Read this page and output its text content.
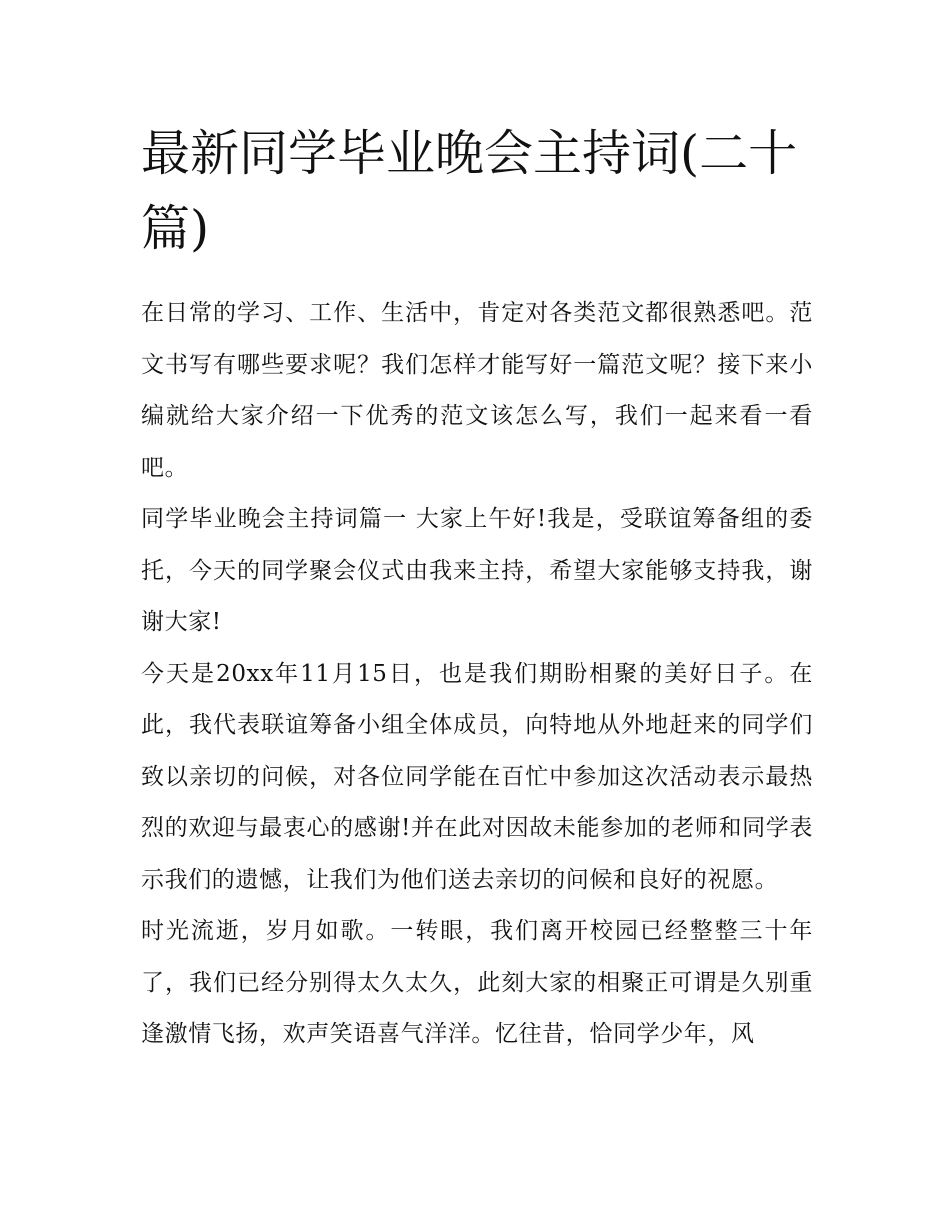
最新同学毕业晚会主持词(二十篇)

在日常的学习、工作、生活中，肯定对各类范文都很熟悉吧。范文书写有哪些要求呢？我们怎样才能写好一篇范文呢？接下来小编就给大家介绍一下优秀的范文该怎么写，我们一起来看一看吧。

同学毕业晚会主持词篇一 大家上午好!我是，受联谊筹备组的委托，今天的同学聚会仪式由我来主持，希望大家能够支持我，谢谢大家!

今天是20xx年11月15日，也是我们期盼相聚的美好日子。在此，我代表联谊筹备小组全体成员，向特地从外地赶来的同学们致以亲切的问候，对各位同学能在百忙中参加这次活动表示最热烈的欢迎与最衷心的感谢!并在此对因故未能参加的老师和同学表示我们的遗憾，让我们为他们送去亲切的问候和良好的祝愿。

时光流逝，岁月如歌。一转眼，我们离开校园已经整整三十年了，我们已经分别得太久太久，此刻大家的相聚正可谓是久别重逢激情飞扬，欢声笑语喜气洋洋。忆往昔，恰同学少年，风
